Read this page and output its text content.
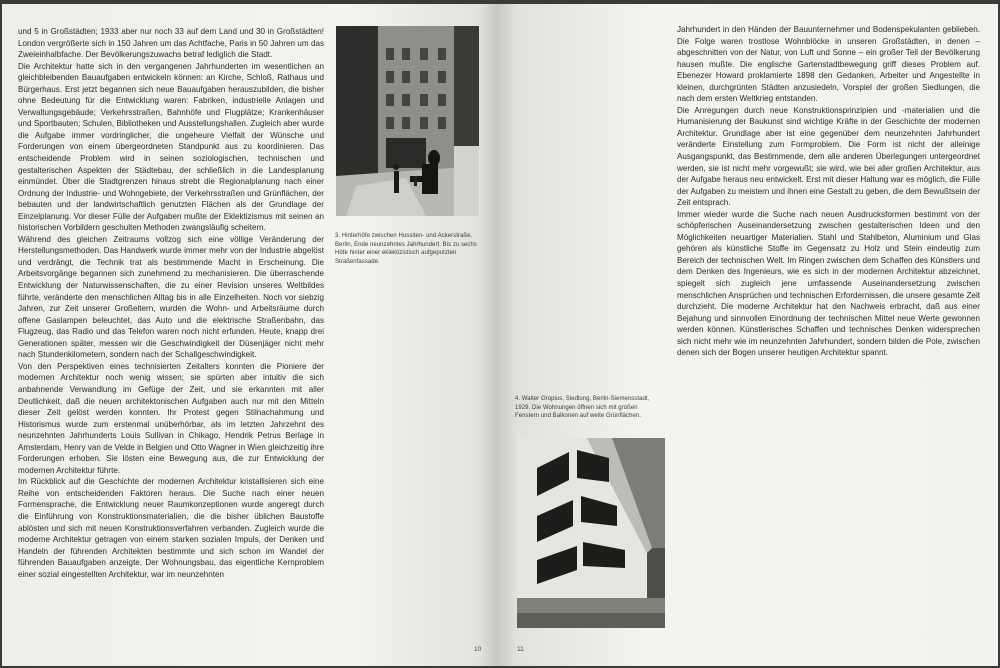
und 5 in Großstädten; 1933 aber nur noch 33 auf dem Land und 30 in Großstädten! London vergrößerte sich in 150 Jahren um das Achtfache, Paris in 50 Jahren um das Zweieinhalbfache. Der Bevölkerungszuwachs betraf lediglich die Stadt.

Die Architektur hatte sich in den vergangenen Jahrhunderten im wesentlichen an gleichbleibenden Bauaufgaben entwickeln können: an Kirche, Schloß, Rathaus und Bürgerhaus. Erst jetzt begannen sich neue Bauaufgaben herauszubilden, die bisher ohne Bedeutung für die Entwicklung waren: Fabriken, industrielle Anlagen und Verwaltungsgebäude; Verkehrsstraßen, Bahnhöfe und Flugplätze; Krankenhäuser und Sportbauten; Schulen, Bibliotheken und Ausstellungshallen. Zugleich aber wurde die Aufgabe immer vordringlicher, die ungeheure Vielfalt der Wünsche und Forderungen von einem übergeordneten Standpunkt aus zu koordinieren. Das entscheidende Problem wird in seinen soziologischen, technischen und gestalterischen Aspekten der Städtebau, der schließlich in die Landesplanung einmündet. Über die Stadtgrenzen hinaus strebt die Regionalplanung nach einer Ordnung der Industrie- und Wohngebiete, der Verkehrsstraßen und Grünflächen, der bebauten und der landwirtschaftlich genutzten Flächen als der Grundlage der Einzelplanung. Vor dieser Fülle der Aufgaben mußte der Eklektizismus mit seinen an historischen Vorbildern geschulten Methoden zwangsläufig scheitern.

Während des gleichen Zeitraums vollzog sich eine völlige Veränderung der Herstellungsmethoden. Das Handwerk wurde immer mehr von der Industrie abgelöst und verdrängt, die Technik trat als bestimmende Macht in Erscheinung. Die Arbeitsvorgänge begannen sich zunehmend zu mechanisieren. Die überraschende Entwicklung der Naturwissenschaften, die zu einer Revision unseres Weltbildes führte, veränderte den menschlichen Alltag bis in alle Einzelheiten. Noch vor siebzig Jahren, zur Zeit unserer Großeltern, wurden die Wohn- und Arbeitsräume durch offene Gaslampen beleuchtet, das Auto und die elektrische Straßenbahn, das Flugzeug, das Radio und das Telefon waren noch nicht erfunden. Heute, knapp drei Generationen später, messen wir die Geschwindigkeit der Düsenjäger nicht mehr nach Stundenkilometern, sondern nach der Schallgeschwindigkeit.

Von den Perspektiven eines technisierten Zeitalters konnten die Pioniere der modernen Architektur noch wenig wissen; sie spürten aber intuitiv die sich anbahnende Verwandlung im Gefüge der Zeit, und sie erkannten mit aller Deutlichkeit, daß die neuen architektonischen Aufgaben auch nur mit den Mitteln dieser Zeit gelöst werden konnten. Ihr Protest gegen Stilnachahmung und Historismus wurde zum erstenmal unüberhörbar, als im letzten Jahrzehnt des neunzehnten Jahrhunderts Louis Sullivan in Chikago, Hendrik Petrus Berlage in Amsterdam, Henry van de Velde in Belgien und Otto Wagner in Wien gleichzeitig ihre Forderungen erhoben. Sie lösten eine Bewegung aus, die zur Entwicklung der modernen Architektur führte.

Im Rückblick auf die Geschichte der modernen Architektur kristallisieren sich eine Reihe von entscheidenden Faktoren heraus. Die Suche nach einer neuen Formensprache, die Entwicklung neuer Raumkonzeptionen wurde angeregt durch die Einführung von Konstruktionsmaterialien, die die bisher üblichen Baustoffe ablösten und sich mit neuen Konstruktionsverfahren verbanden. Zugleich wurde die moderne Architektur getragen von einem starken sozialen Impuls, der Denken und Handeln der führenden Architekten bestimmte und sich schon im Wandel der führenden Bauaufgaben anzeigte. Der Wohnungsbau, das eigentliche Kernproblem einer sozial eingestellten Architektur, war im neunzehnten

3. Hinterhöfe zwischen Hussiten- und Ackerstraße, Berlin, Ende neunzehntes Jahrhundert. Bis zu sechs Höfe hinter einer eklektizistisch aufgeputzten Straßenfassade.
10

Jahrhundert in den Händen der Bauunternehmer und Bodenspekulanten geblieben. Die Folge waren trostlose Wohnblöcke in unseren Großstädten, in denen – abgeschnitten von der Natur, von Luft und Sonne – ein großer Teil der Bevölkerung hausen mußte. Die englische Gartenstadtbewegung griff dieses Problem auf. Ebenezer Howard proklamierte 1898 den Gedanken, Arbeiter und Angestellte in kleinen, durchgrünten Städten anzusiedeln, Vorspiel der großen Siedlungen, die nach dem ersten Weltkrieg entstanden.

Die Anregungen durch neue Konstruktionsprinzipien und -materialien und die Humanisierung der Baukunst sind wichtige Kräfte in der Geschichte der modernen Architektur. Grundlage aber ist eine gegenüber dem neunzehnten Jahrhundert veränderte Einstellung zum Formproblem. Die Form ist nicht der alleinige Ausgangspunkt, das Bestimmende, dem alle anderen Überlegungen untergeordnet werden, sie ist nicht mehr vorgewußt; sie wird, wie bei aller großen Architektur, aus der Aufgabe heraus neu entwickelt. Erst mit dieser Haltung war es möglich, die Fülle der Aufgaben zu meistern und ihnen eine Gestalt zu geben, die dem Bewußtsein der Zeit entsprach.

Immer wieder wurde die Suche nach neuen Ausdrucksformen bestimmt von der schöpferischen Auseinandersetzung zwischen gestalterischen Ideen und den Möglichkeiten neuartiger Materialien. Stahl und Stahlbeton, Aluminium und Glas gehören als künstliche Stoffe im Gegensatz zu Holz und Stein eindeutig zum Bereich der technischen Welt. Im Ringen zwischen dem Schaffen des Künstlers und dem Denken des Ingenieurs, wie es sich in der modernen Architektur abzeichnet, spiegelt sich zugleich jene umfassende Auseinandersetzung zwischen menschlichen Ansprüchen und technischen Erfordernissen, die unsere gesamte Zeit durchzieht. Die moderne Architektur hat den Nachweis erbracht, daß aus einer Bejahung und sinnvollen Einordnung der technischen Mittel neue Werte gewonnen werden können. Künstlerisches Schaffen und technisches Denken widersprechen sich nicht mehr wie im neunzehnten Jahrhundert, sondern bilden die Pole, zwischen denen sich der Bogen unserer heutigen Architektur spannt.

4. Walter Gropius, Siedlung, Berlin-Siemensstadt, 1929. Die Wohnungen öffnen sich mit großen Fenstern und Balkonen auf weite Grünflächen.
11
